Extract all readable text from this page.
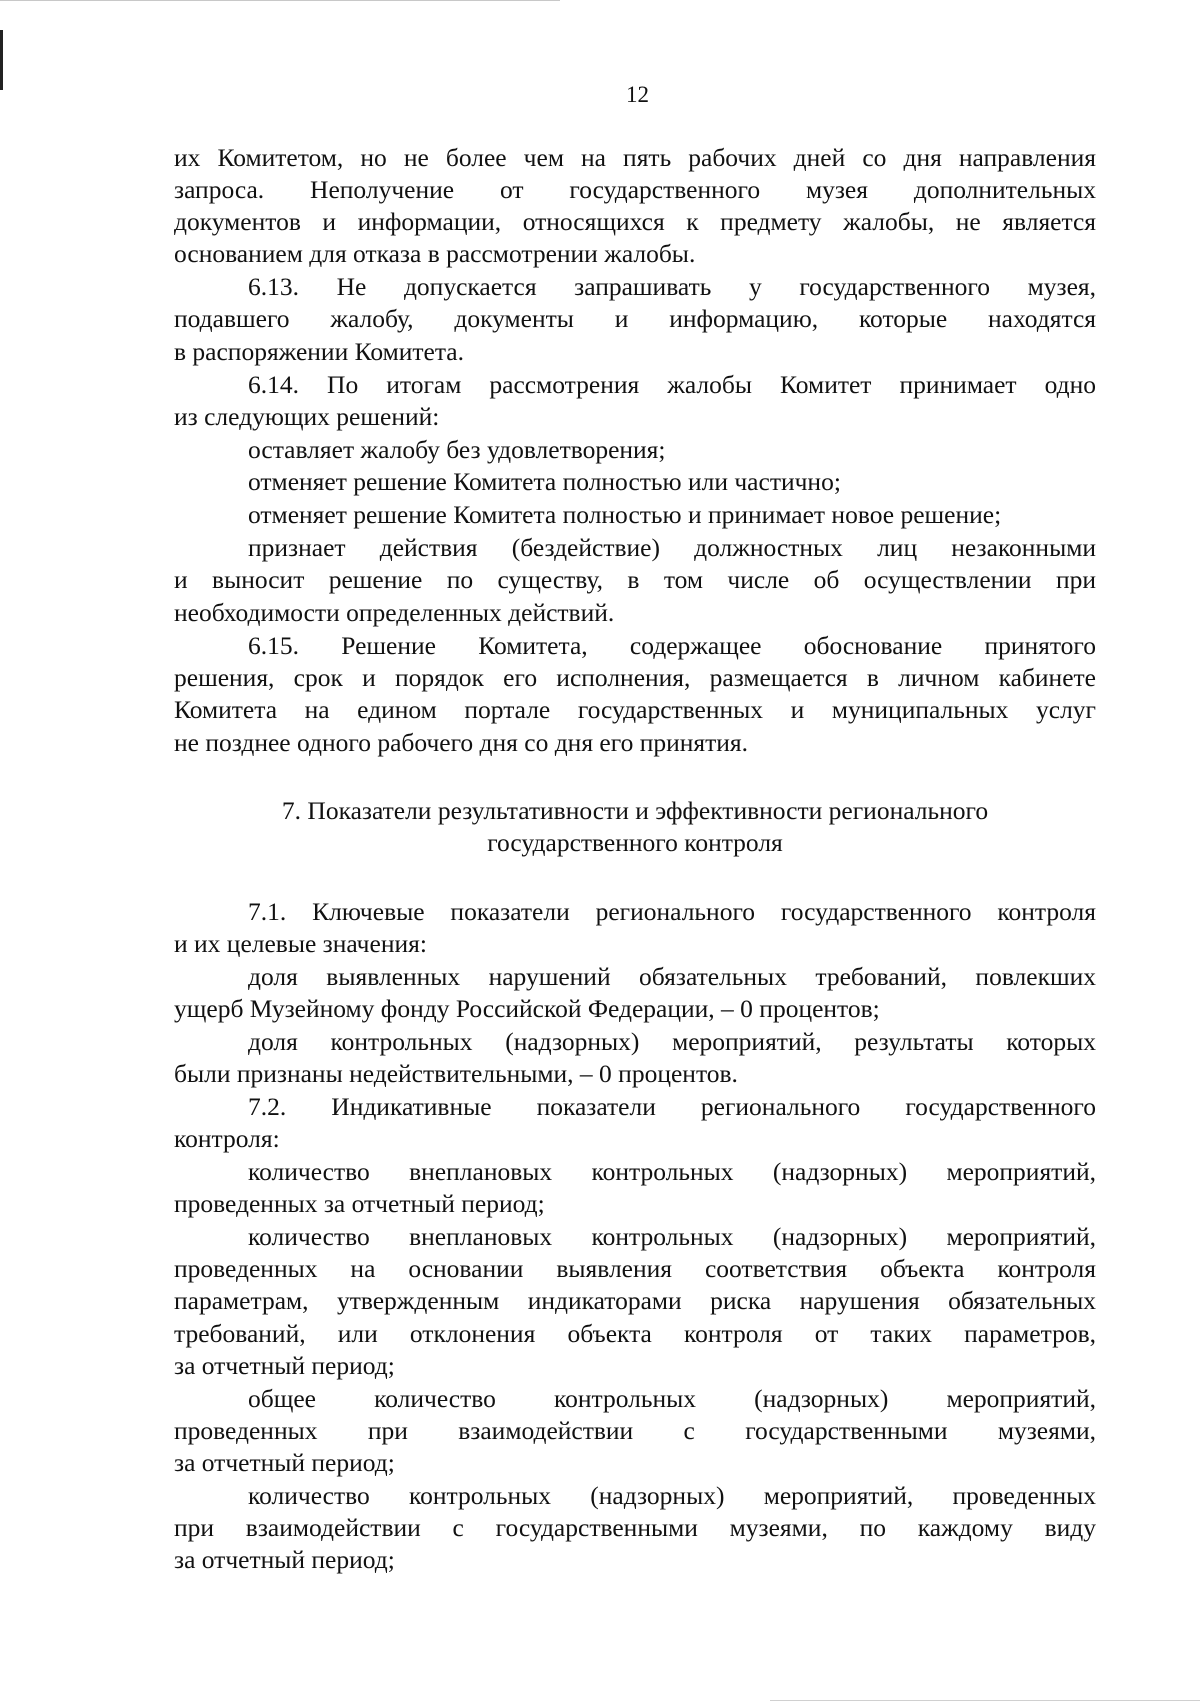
12
их Комитетом, но не более чем на пять рабочих дней со дня направления
запроса. Неполучение от государственного музея дополнительных
документов и информации, относящихся к предмету жалобы, не является
основанием для отказа в рассмотрении жалобы.
6.13. Не допускается запрашивать у государственного музея,
подавшего жалобу, документы и информацию, которые находятся
в распоряжении Комитета.
6.14. По итогам рассмотрения жалобы Комитет принимает одно
из следующих решений:
оставляет жалобу без удовлетворения;
отменяет решение Комитета полностью или частично;
отменяет решение Комитета полностью и принимает новое решение;
признает действия (бездействие) должностных лиц незаконными
и выносит решение по существу, в том числе об осуществлении при
необходимости определенных действий.
6.15. Решение Комитета, содержащее обоснование принятого
решения, срок и порядок его исполнения, размещается в личном кабинете
Комитета на едином портале государственных и муниципальных услуг
не позднее одного рабочего дня со дня его принятия.
7. Показатели результативности и эффективности регионального
государственного контроля
7.1. Ключевые показатели регионального государственного контроля
и их целевые значения:
доля выявленных нарушений обязательных требований, повлекших
ущерб Музейному фонду Российской Федерации, – 0 процентов;
доля контрольных (надзорных) мероприятий, результаты которых
были признаны недействительными, – 0 процентов.
7.2. Индикативные показатели регионального государственного
контроля:
количество внеплановых контрольных (надзорных) мероприятий,
проведенных за отчетный период;
количество внеплановых контрольных (надзорных) мероприятий,
проведенных на основании выявления соответствия объекта контроля
параметрам, утвержденным индикаторами риска нарушения обязательных
требований, или отклонения объекта контроля от таких параметров,
за отчетный период;
общее количество контрольных (надзорных) мероприятий,
проведенных при взаимодействии с государственными музеями,
за отчетный период;
количество контрольных (надзорных) мероприятий, проведенных
при взаимодействии с государственными музеями, по каждому виду
за отчетный период;
